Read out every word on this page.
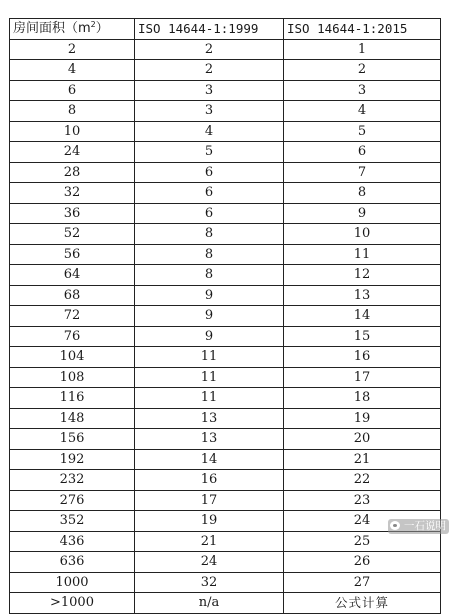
房间面积$(m^2)$	ISO 14644-1:1999	ISO 14644-1:2015
2	2	1
4	2	2
6	3	3
8	3	4
10	4	5
24	5	6
28	6	7
32	6	8
36	6	9
52	8	10
56	8	11
64	8	12
68	9	13
72	9	14
76	9	15
104	11	16
108	11	17
116	11	18
148	13	19
156	13	20
192	14	21
232	16	22
276	17	23
352	19	24
436	21	25
636	24	26
1000	32	27
>1000	n/a	公式计算
一石说明
